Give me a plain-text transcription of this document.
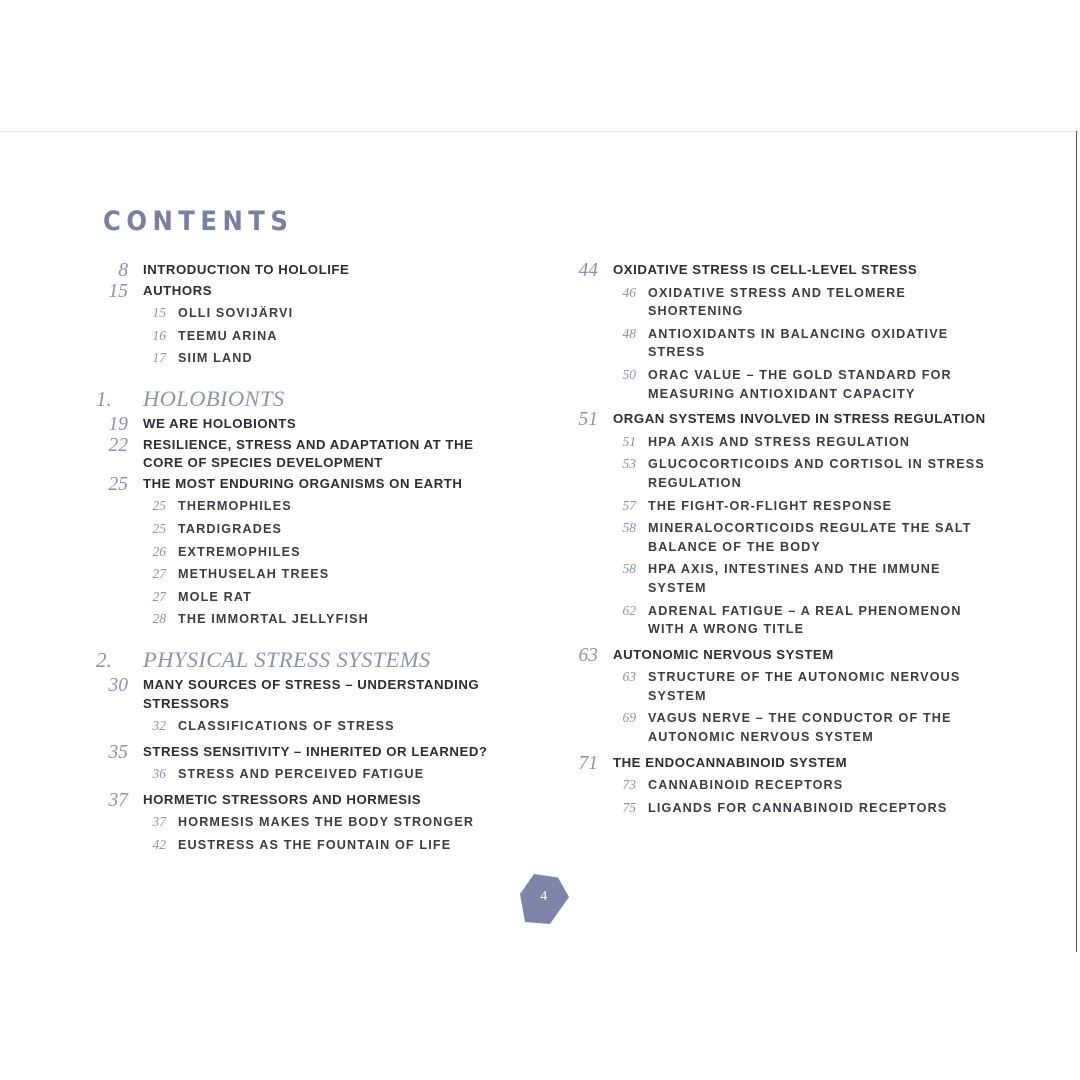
CONTENTS
8 INTRODUCTION TO HOLOLIFE
15 AUTHORS
15 OLLI SOVIJÄRVI
16 TEEMU ARINA
17 SIIM LAND
1.	HOLOBIONTS
19 WE ARE HOLOBIONTS
22 RESILIENCE, STRESS AND ADAPTATION AT THE CORE OF SPECIES DEVELOPMENT
25 THE MOST ENDURING ORGANISMS ON EARTH
25 THERMOPHILES
25 TARDIGRADES
26 EXTREMOPHILES
27 METHUSELAH TREES
27 MOLE RAT
28 THE IMMORTAL JELLYFISH
2.	PHYSICAL STRESS SYSTEMS
30 MANY SOURCES OF STRESS – UNDERSTANDING STRESSORS
32 CLASSIFICATIONS OF STRESS
35 STRESS SENSITIVITY – INHERITED OR LEARNED?
36 STRESS AND PERCEIVED FATIGUE
37 HORMETIC STRESSORS AND HORMESIS
37 HORMESIS MAKES THE BODY STRONGER
42 EUSTRESS AS THE FOUNTAIN OF LIFE
44 OXIDATIVE STRESS IS CELL-LEVEL STRESS
46 OXIDATIVE STRESS AND TELOMERE SHORTENING
48 ANTIOXIDANTS IN BALANCING OXIDATIVE STRESS
50 ORAC VALUE – THE GOLD STANDARD FOR MEASURING ANTIOXIDANT CAPACITY
51 ORGAN SYSTEMS INVOLVED IN STRESS REGULATION
51 HPA AXIS AND STRESS REGULATION
53 GLUCOCORTICOIDS AND CORTISOL IN STRESS REGULATION
57 THE FIGHT-OR-FLIGHT RESPONSE
58 MINERALOCORTICOIDS REGULATE THE SALT BALANCE OF THE BODY
58 HPA AXIS, INTESTINES AND THE IMMUNE SYSTEM
62 ADRENAL FATIGUE – A REAL PHENOMENON WITH A WRONG TITLE
63 AUTONOMIC NERVOUS SYSTEM
63 STRUCTURE OF THE AUTONOMIC NERVOUS SYSTEM
69 VAGUS NERVE – THE CONDUCTOR OF THE AUTONOMIC NERVOUS SYSTEM
71 THE ENDOCANNABINOID SYSTEM
73 CANNABINOID RECEPTORS
75 LIGANDS FOR CANNABINOID RECEPTORS
4
